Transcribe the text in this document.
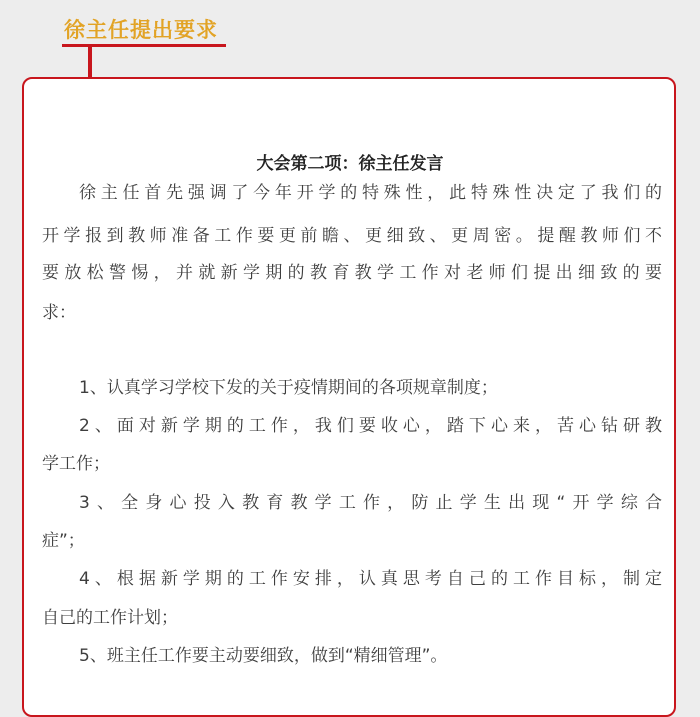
徐主任提出要求
大会第二项：徐主任发言
徐主任首先强调了今年开学的特殊性，此特殊性决定了我们的
开学报到教师准备工作要更前瞻、更细致、更周密。提醒教师们不
要放松警惕，并就新学期的教育教学工作对老师们提出细致的要
求：
1、认真学习学校下发的关于疫情期间的各项规章制度；
2、面对新学期的工作，我们要收心，踏下心来，苦心钻研教
学工作；
3、全身心投入教育教学工作，防止学生出现“开学综合
症”；
4、根据新学期的工作安排，认真思考自己的工作目标，制定
自己的工作计划；
5、班主任工作要主动要细致，做到“精细管理”。
